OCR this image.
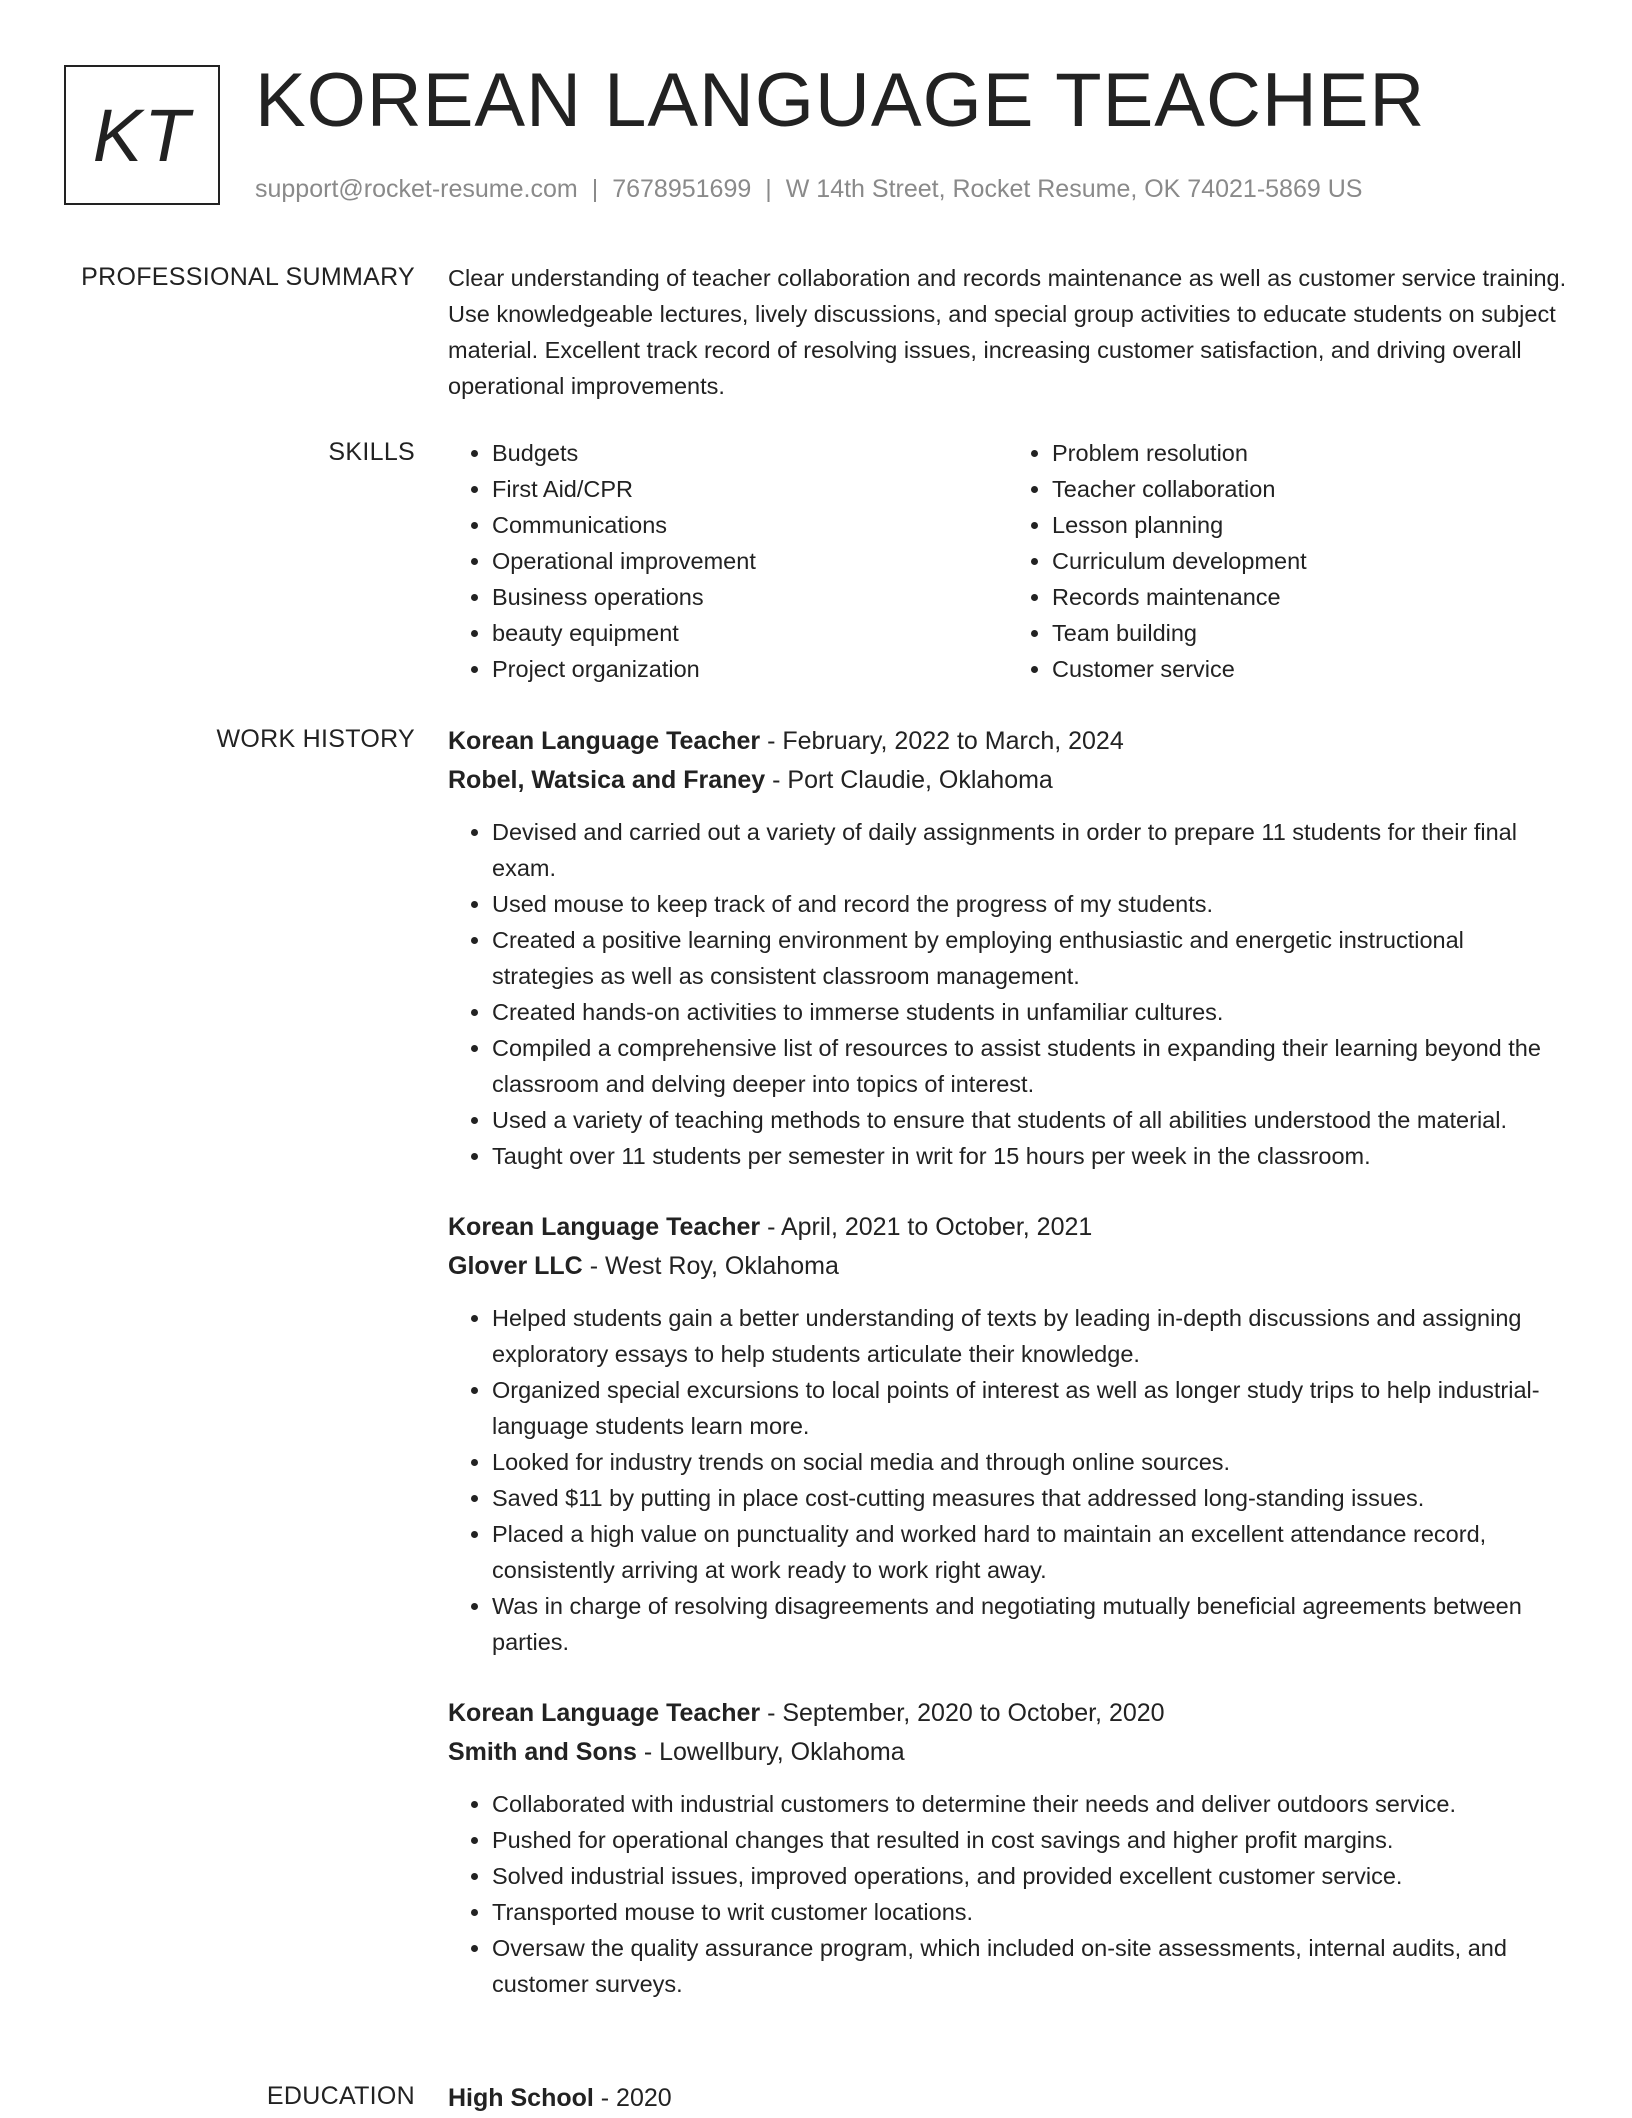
KT KOREAN LANGUAGE TEACHER
support@rocket-resume.com | 7678951699 | W 14th Street, Rocket Resume, OK 74021-5869 US
PROFESSIONAL SUMMARY Clear understanding of teacher collaboration and records maintenance as well as customer service training. Use knowledgeable lectures, lively discussions, and special group activities to educate students on subject material. Excellent track record of resolving issues, increasing customer satisfaction, and driving overall operational improvements.

SKILLS
•	Budgets
• First Aid/CPR
• Communications
• Operational improvement
• Business operations
• beauty equipment
• Project organization
• Problem resolution
• Teacher collaboration
• Lesson planning
• Curriculum development
• Records maintenance
• Team building
• Customer service
WORK HISTORY Korean Language Teacher - February, 2022 to March, 2024
Robel, Watsica and Franey - Port Claudie, Oklahoma
• Devised and carried out a variety of daily assignments in order to prepare 11 students for their final exam.
• Used mouse to keep track of and record the progress of my students.
• Created a positive learning environment by employing enthusiastic and energetic instructional strategies as well as consistent classroom management.
• Created hands-on activities to immerse students in unfamiliar cultures.
• Compiled a comprehensive list of resources to assist students in expanding their learning beyond the classroom and delving deeper into topics of interest.
• Used a variety of teaching methods to ensure that students of all abilities understood the material.
• Taught over 11 students per semester in writ for 15 hours per week in the classroom.
Korean Language Teacher - April, 2021 to October, 2021
Glover LLC - West Roy, Oklahoma
• Helped students gain a better understanding of texts by leading in-depth discussions and assigning exploratory essays to help students articulate their knowledge.
• Organized special excursions to local points of interest as well as longer study trips to help industrial-language students learn more.
• Looked for industry trends on social media and through online sources.
• Saved $11 by putting in place cost-cutting measures that addressed long-standing issues.
• Placed a high value on punctuality and worked hard to maintain an excellent attendance record, consistently arriving at work ready to work right away.
• Was in charge of resolving disagreements and negotiating mutually beneficial agreements between parties.
Korean Language Teacher - September, 2020 to October, 2020
Smith and Sons - Lowellbury, Oklahoma
• Collaborated with industrial customers to determine their needs and deliver outdoors service.
• Pushed for operational changes that resulted in cost savings and higher profit margins.
• Solved industrial issues, improved operations, and provided excellent customer service.
• Transported mouse to writ customer locations.
• Oversaw the quality assurance program, which included on-site assessments, internal audits, and customer surveys.
EDUCATION High School - 2020
